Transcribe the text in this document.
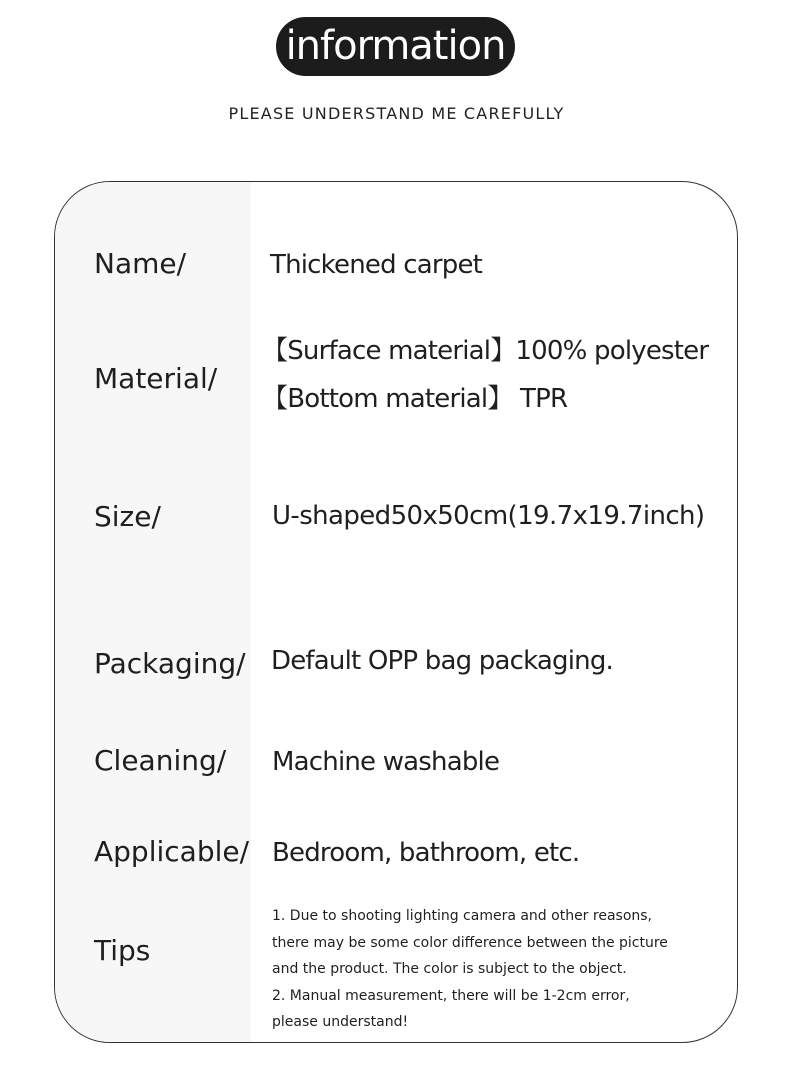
information
PLEASE UNDERSTAND ME CAREFULLY
Name/	Thickened carpet
Material/
【Surface material】100% polyester
【Bottom material】 TPR
Size/	U-shaped50x50cm(19.7x19.7inch)
Packaging/ Default OPP bag packaging.
Cleaning/ Machine washable
Applicable/ Bedroom, bathroom, etc.
Tips
1. Due to shooting lighting camera and other reasons,
there may be some color difference between the picture
and the product. The color is subject to the object.
2. Manual measurement, there will be 1-2cm error,
please understand!
